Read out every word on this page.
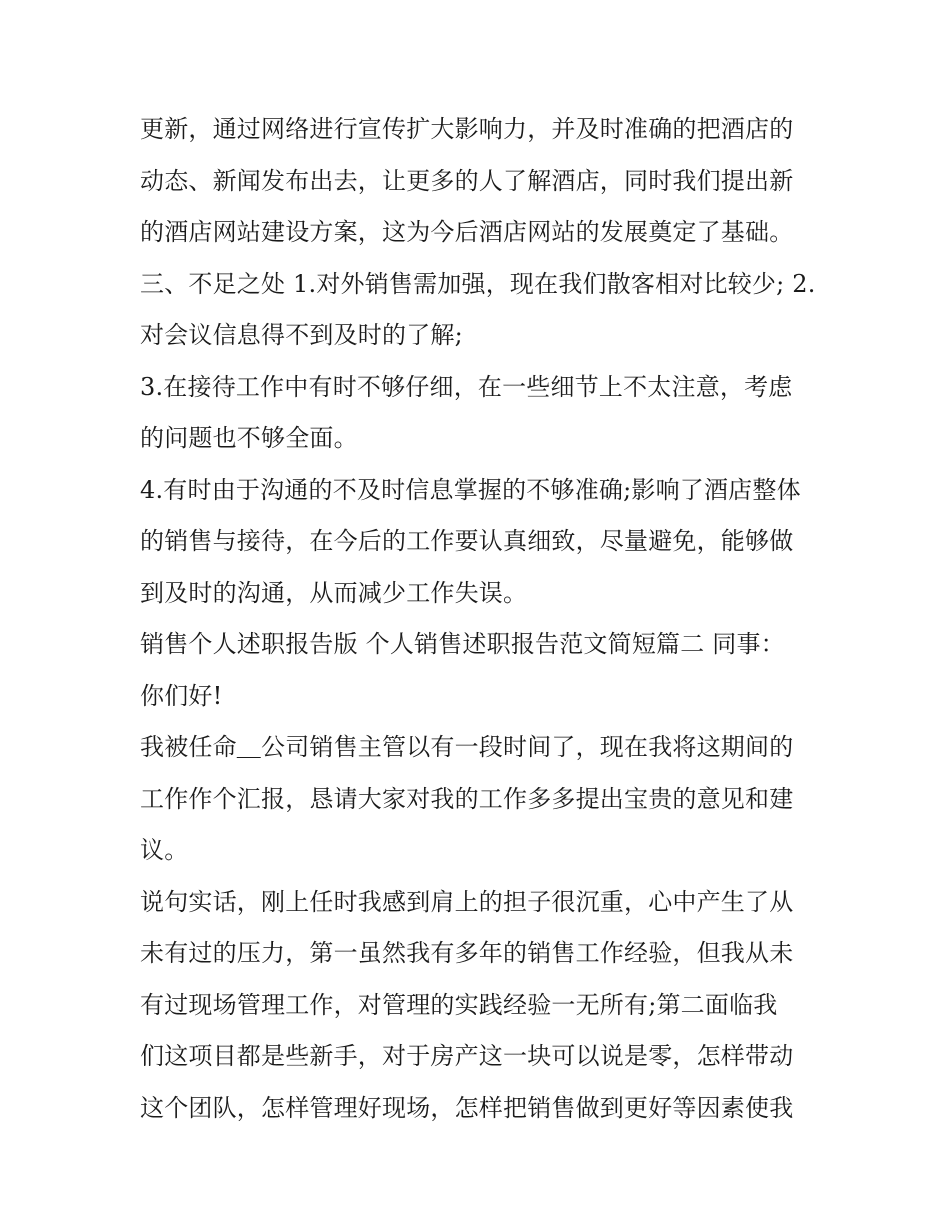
更新，通过网络进行宣传扩大影响力，并及时准确的把酒店的
动态、新闻发布出去，让更多的人了解酒店，同时我们提出新
的酒店网站建设方案，这为今后酒店网站的发展奠定了基础。
三、不足之处 1.对外销售需加强，现在我们散客相对比较少; 2.
对会议信息得不到及时的了解;
3.在接待工作中有时不够仔细，在一些细节上不太注意，考虑
的问题也不够全面。
4.有时由于沟通的不及时信息掌握的不够准确;影响了酒店整体
的销售与接待，在今后的工作要认真细致，尽量避免，能够做
到及时的沟通，从而减少工作失误。
销售个人述职报告版 个人销售述职报告范文简短篇二 同事：
你们好!
我被任命＿公司销售主管以有一段时间了，现在我将这期间的
工作作个汇报，恳请大家对我的工作多多提出宝贵的意见和建
议。
说句实话，刚上任时我感到肩上的担子很沉重，心中产生了从
未有过的压力，第一虽然我有多年的销售工作经验，但我从未
有过现场管理工作，对管理的实践经验一无所有;第二面临我
们这项目都是些新手，对于房产这一块可以说是零，怎样带动
这个团队，怎样管理好现场，怎样把销售做到更好等因素使我
